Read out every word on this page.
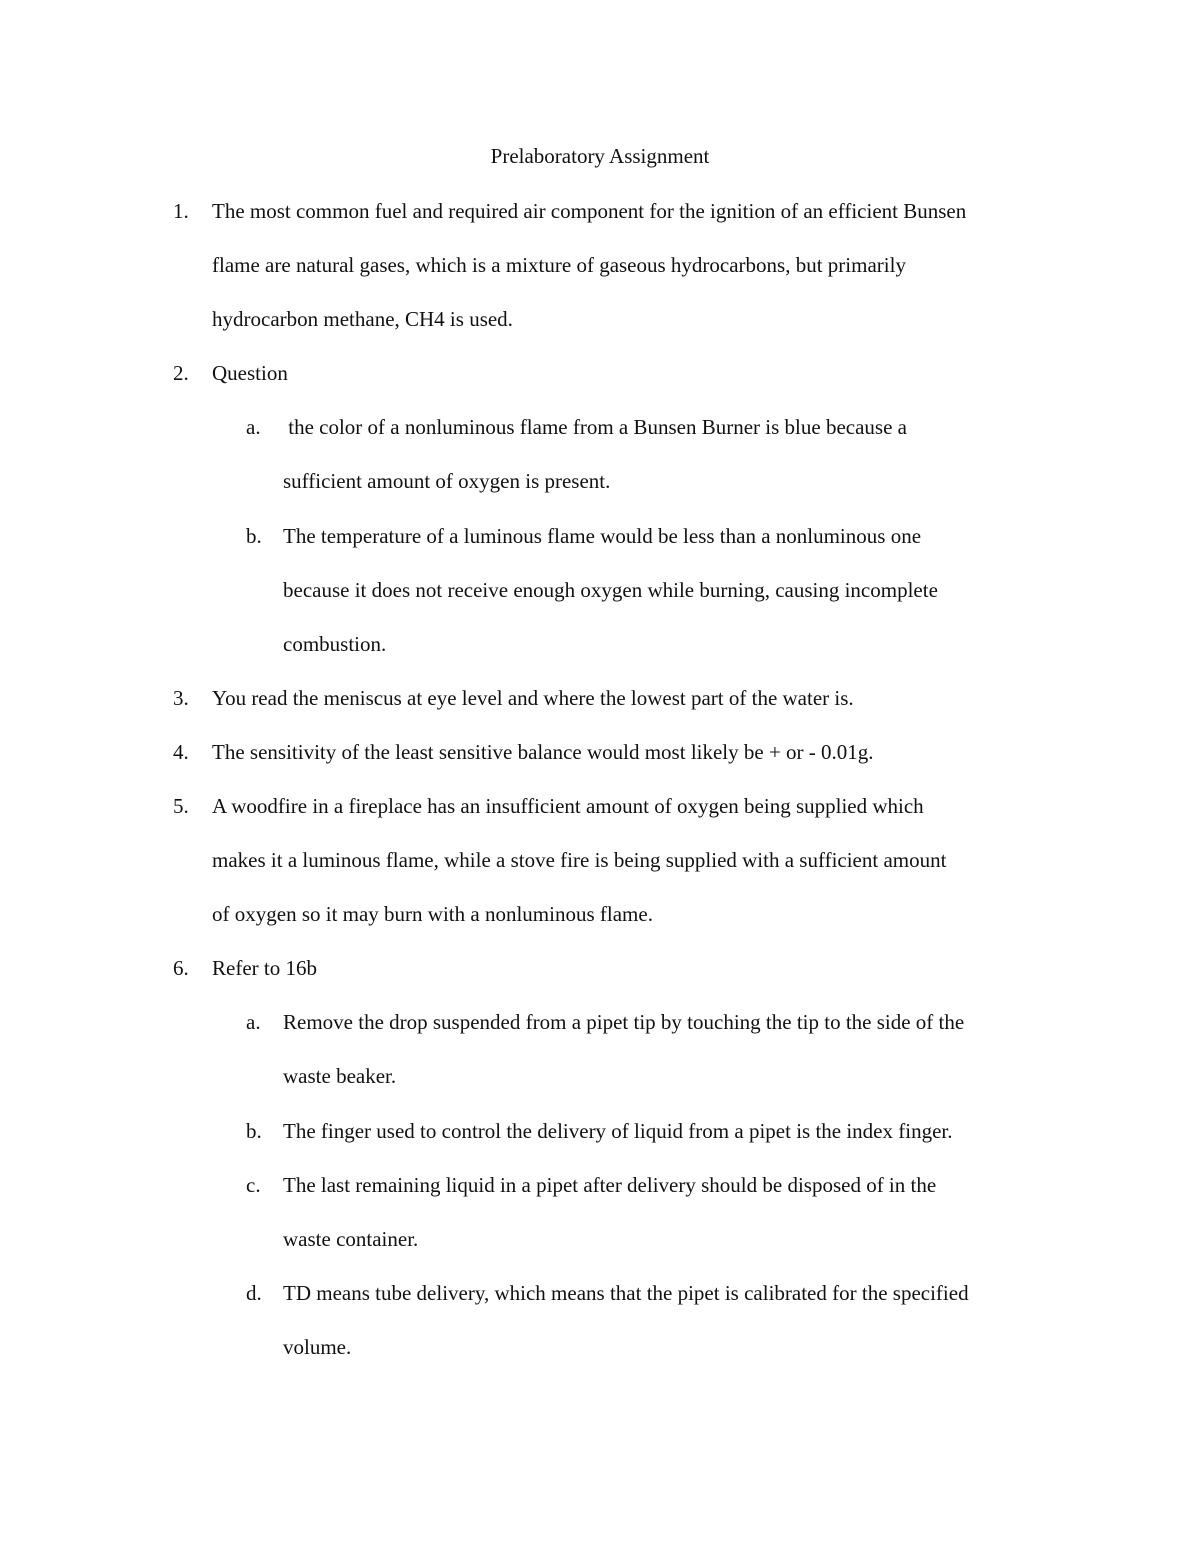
Prelaboratory Assignment
1. The most common fuel and required air component for the ignition of an efficient Bunsen
flame are natural gases, which is a mixture of gaseous hydrocarbons, but primarily
hydrocarbon methane, CH4 is used.
2. Question
a. the color of a nonluminous flame from a Bunsen Burner is blue because a
sufficient amount of oxygen is present.
b. The temperature of a luminous flame would be less than a nonluminous one
because it does not receive enough oxygen while burning, causing incomplete
combustion.
3. You read the meniscus at eye level and where the lowest part of the water is.
4. The sensitivity of the least sensitive balance would most likely be + or - 0.01g.
5. A woodfire in a fireplace has an insufficient amount of oxygen being supplied which
makes it a luminous flame, while a stove fire is being supplied with a sufficient amount
of oxygen so it may burn with a nonluminous flame.
6. Refer to 16b
a. Remove the drop suspended from a pipet tip by touching the tip to the side of the
waste beaker.
b. The finger used to control the delivery of liquid from a pipet is the index finger.
c. The last remaining liquid in a pipet after delivery should be disposed of in the
waste container.
d. TD means tube delivery, which means that the pipet is calibrated for the specified
volume.
